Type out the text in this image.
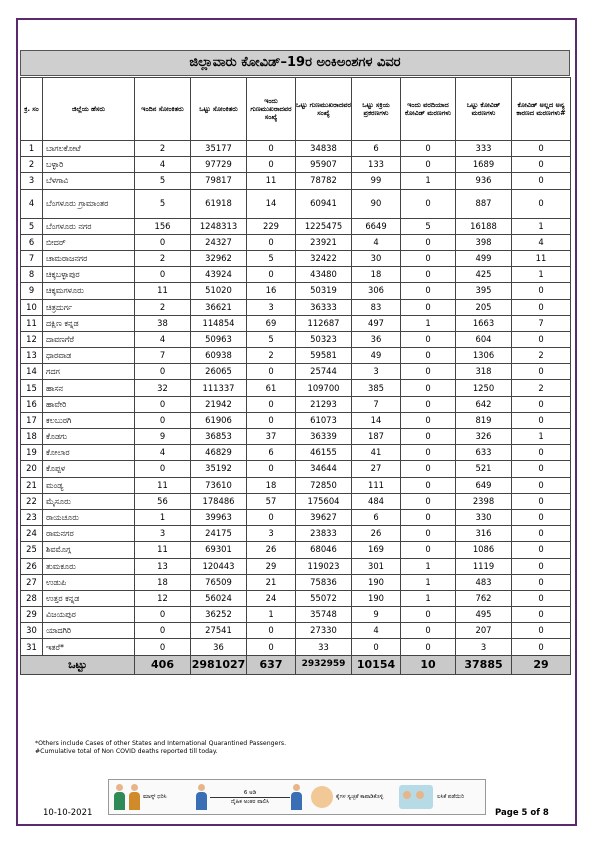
ಜಿಲ್ಲಾವಾರು ಕೋವಿಡ್–19ರ ಅಂಕಿಅಂಶಗಳ ವಿವರ
ಕ್ರ. ಸಂ	ಜಿಲ್ಲೆಯ ಹೆಸರು	ಇಂದಿನ ಸೋಂಕಿತರು	ಒಟ್ಟು ಸೋಂಕಿತರು	ಇಂದು ಗುಣಮುಖರಾದವರ ಸಂಖ್ಯೆ	ಒಟ್ಟು ಗುಣಮುಖರಾದವರ ಸಂಖ್ಯೆ	ಒಟ್ಟು ಸಕ್ರಿಯ ಪ್ರಕರಣಗಳು	ಇಂದು ವರದಿಯಾದ ಕೋವಿಡ್ ಮರಣಗಳು	ಒಟ್ಟು ಕೋವಿಡ್ ಮರಣಗಳು	ಕೋವಿಡ್ ಅಲ್ಲದ ಅನ್ಯ ಕಾರಣದ ಮರಣಗಳು#
1	ಬಾಗಲಕೋಟೆ	2	35177	0	34838	6	0	333	0
2	ಬಳ್ಳಾರಿ	4	97729	0	95907	133	0	1689	0
3	ಬೆಳಗಾವಿ	5	79817	11	78782	99	1	936	0
4	ಬೆಂಗಳೂರು ಗ್ರಾಮಾಂತರ	5	61918	14	60941	90	0	887	0
5	ಬೆಂಗಳೂರು ನಗರ	156	1248313	229	1225475	6649	5	16188	1
6	ಬೀದರ್	0	24327	0	23921	4	0	398	4
7	ಚಾಮರಾಜನಗರ	2	32962	5	32422	30	0	499	11
8	ಚಿಕ್ಕಬಳ್ಳಾಪುರ	0	43924	0	43480	18	0	425	1
9	ಚಿಕ್ಕಮಗಳೂರು	11	51020	16	50319	306	0	395	0
10	ಚಿತ್ರದುರ್ಗ	2	36621	3	36333	83	0	205	0
11	ದಕ್ಷಿಣ ಕನ್ನಡ	38	114854	69	112687	497	1	1663	7
12	ದಾವಣಗೆರೆ	4	50963	5	50323	36	0	604	0
13	ಧಾರವಾಡ	7	60938	2	59581	49	0	1306	2
14	ಗದಗ	0	26065	0	25744	3	0	318	0
15	ಹಾಸನ	32	111337	61	109700	385	0	1250	2
16	ಹಾವೇರಿ	0	21942	0	21293	7	0	642	0
17	ಕಲಬುರಗಿ	0	61906	0	61073	14	0	819	0
18	ಕೊಡಗು	9	36853	37	36339	187	0	326	1
19	ಕೋಲಾರ	4	46829	6	46155	41	0	633	0
20	ಕೊಪ್ಪಳ	0	35192	0	34644	27	0	521	0
21	ಮಂಡ್ಯ	11	73610	18	72850	111	0	649	0
22	ಮೈಸೂರು	56	178486	57	175604	484	0	2398	0
23	ರಾಯಚೂರು	1	39963	0	39627	6	0	330	0
24	ರಾಮನಗರ	3	24175	3	23833	26	0	316	0
25	ಶಿವಮೊಗ್ಗ	11	69301	26	68046	169	0	1086	0
26	ತುಮಕೂರು	13	120443	29	119023	301	1	1119	0
27	ಉಡುಪಿ	18	76509	21	75836	190	1	483	0
28	ಉತ್ತರ ಕನ್ನಡ	12	56024	24	55072	190	1	762	0
29	ವಿಜಯಪುರ	0	36252	1	35748	9	0	495	0
30	ಯಾದಗಿರಿ	0	27541	0	27330	4	0	207	0
31	ಇತರೆ*	0	36	0	33	0	0	3	0
ಒಟ್ಟು		406	2981027	637	2932959	10154	10	37885	29
*Others include Cases of other States and International Quarantined Passengers.
#Cumulative total of Non COVID deaths reported till today.
ಮಾಸ್ಕ್ ಧರಿಸಿ
6 ಅಡಿ
ದೈಹಿಕ ಅಂತರ ಪಾಲಿಸಿ
ಕೈಗಳ ಸ್ವಚ್ಛತೆ ಕಾಪಾಡಿಕೊಳ್ಳಿ	ಲಸಿಕೆ ಪಡೆಯಿರಿ
10-10-2021	Page 5 of 8
